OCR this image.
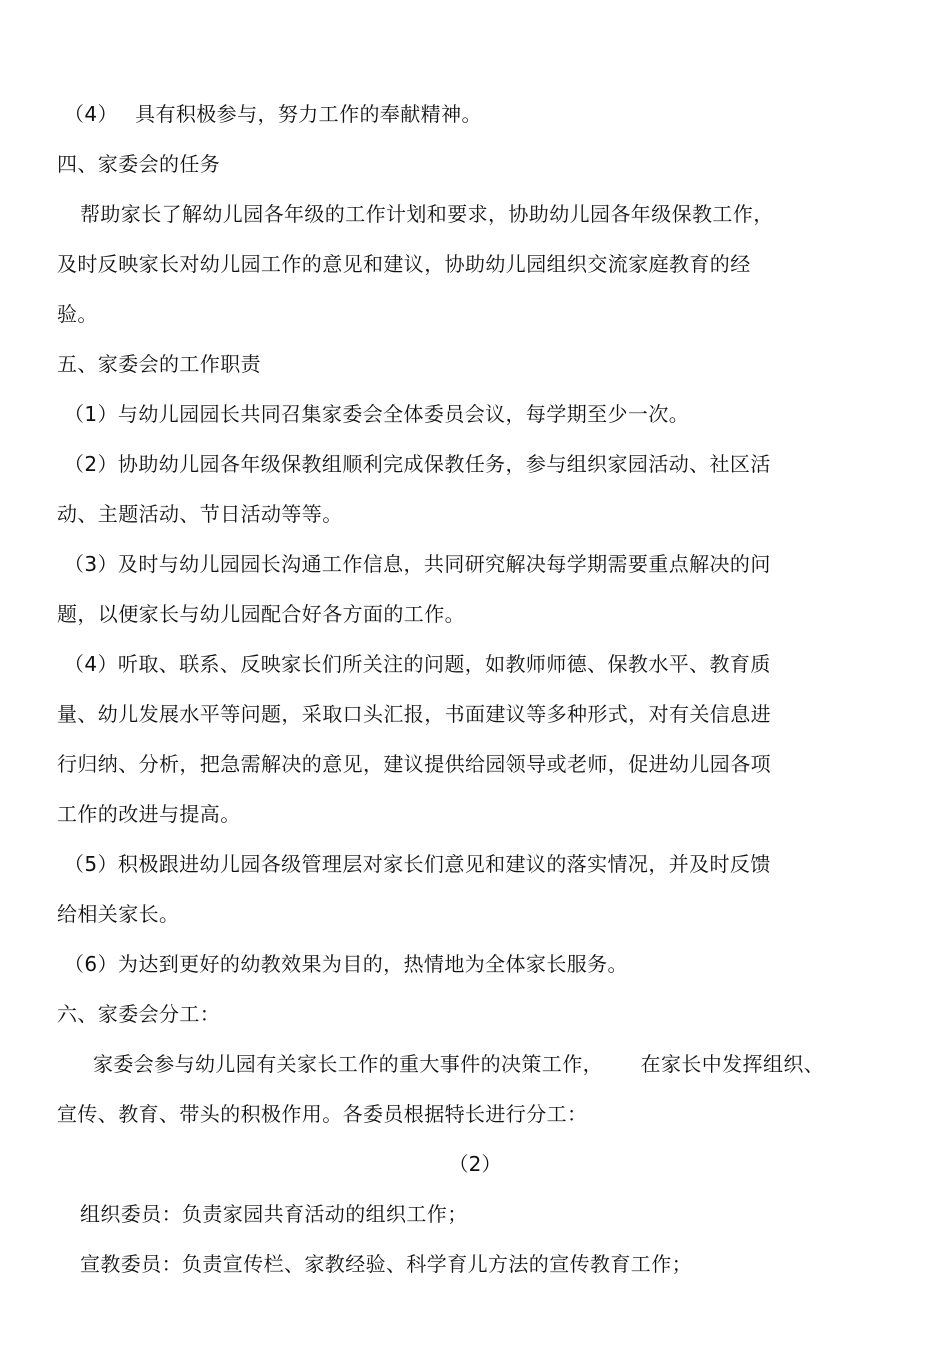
（4）　 具有积极参与，努力工作的奉献精神。
四、家委会的任务
帮助家长了解幼儿园各年级的工作计划和要求，协助幼儿园各年级保教工作，
及时反映家长对幼儿园工作的意见和建议，协助幼儿园组织交流家庭教育的经
验。
五、家委会的工作职责
（1）与幼儿园园长共同召集家委会全体委员会议，每学期至少一次。
（2）协助幼儿园各年级保教组顺利完成保教任务，参与组织家园活动、社区活
动、主题活动、节日活动等等。
（3）及时与幼儿园园长沟通工作信息，共同研究解决每学期需要重点解决的问
题，以便家长与幼儿园配合好各方面的工作。
（4）听取、联系、反映家长们所关注的问题，如教师师德、保教水平、教育质
量、幼儿发展水平等问题，采取口头汇报，书面建议等多种形式，对有关信息进
行归纳、分析，把急需解决的意见，建议提供给园领导或老师，促进幼儿园各项
工作的改进与提高。
（5）积极跟进幼儿园各级管理层对家长们意见和建议的落实情况，并及时反馈
给相关家长。
（6）为达到更好的幼教效果为目的，热情地为全体家长服务。
六、家委会分工：
家委会参与幼儿园有关家长工作的重大事件的决策工作，　　 在家长中发挥组织、
宣传、教育、带头的积极作用。各委员根据特长进行分工：
（2）
组织委员：负责家园共育活动的组织工作；
宣教委员：负责宣传栏、家教经验、科学育儿方法的宣传教育工作；
